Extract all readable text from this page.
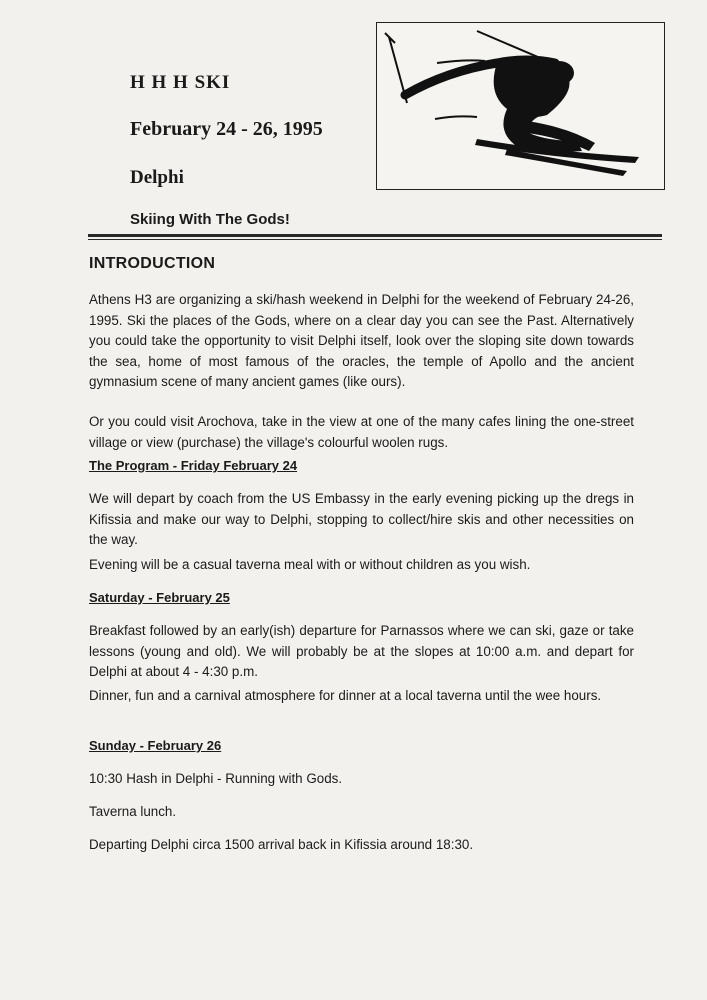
H H H SKI
February 24 - 26, 1995
Delphi
Skiing With The Gods!
INTRODUCTION
Athens H3 are organizing a ski/hash weekend in Delphi for the weekend of February 24-26, 1995. Ski the places of the Gods, where on a clear day you can see the Past. Alternatively you could take the opportunity to visit Delphi itself, look over the sloping site down towards the sea, home of most famous of the oracles, the temple of Apollo and the ancient gymnasium scene of many ancient games (like ours).
Or you could visit Arochova, take in the view at one of the many cafes lining the one-street village or view (purchase) the village's colourful woolen rugs.
The Program - Friday February 24
We will depart by coach from the US Embassy in the early evening picking up the dregs in Kifissia and make our way to Delphi, stopping to collect/hire skis and other necessities on the way.
Evening will be a casual taverna meal with or without children as you wish.
Saturday - February 25
Breakfast followed by an early(ish) departure for Parnassos where we can ski, gaze or take lessons (young and old). We will probably be at the slopes at 10:00 a.m. and depart for Delphi at about 4 - 4:30 p.m.
Dinner, fun and a carnival atmosphere for dinner at a local taverna until the wee hours.
Sunday - February 26
10:30 Hash in Delphi - Running with Gods.
Taverna lunch.
Departing Delphi circa 1500 arrival back in Kifissia around 18:30.
